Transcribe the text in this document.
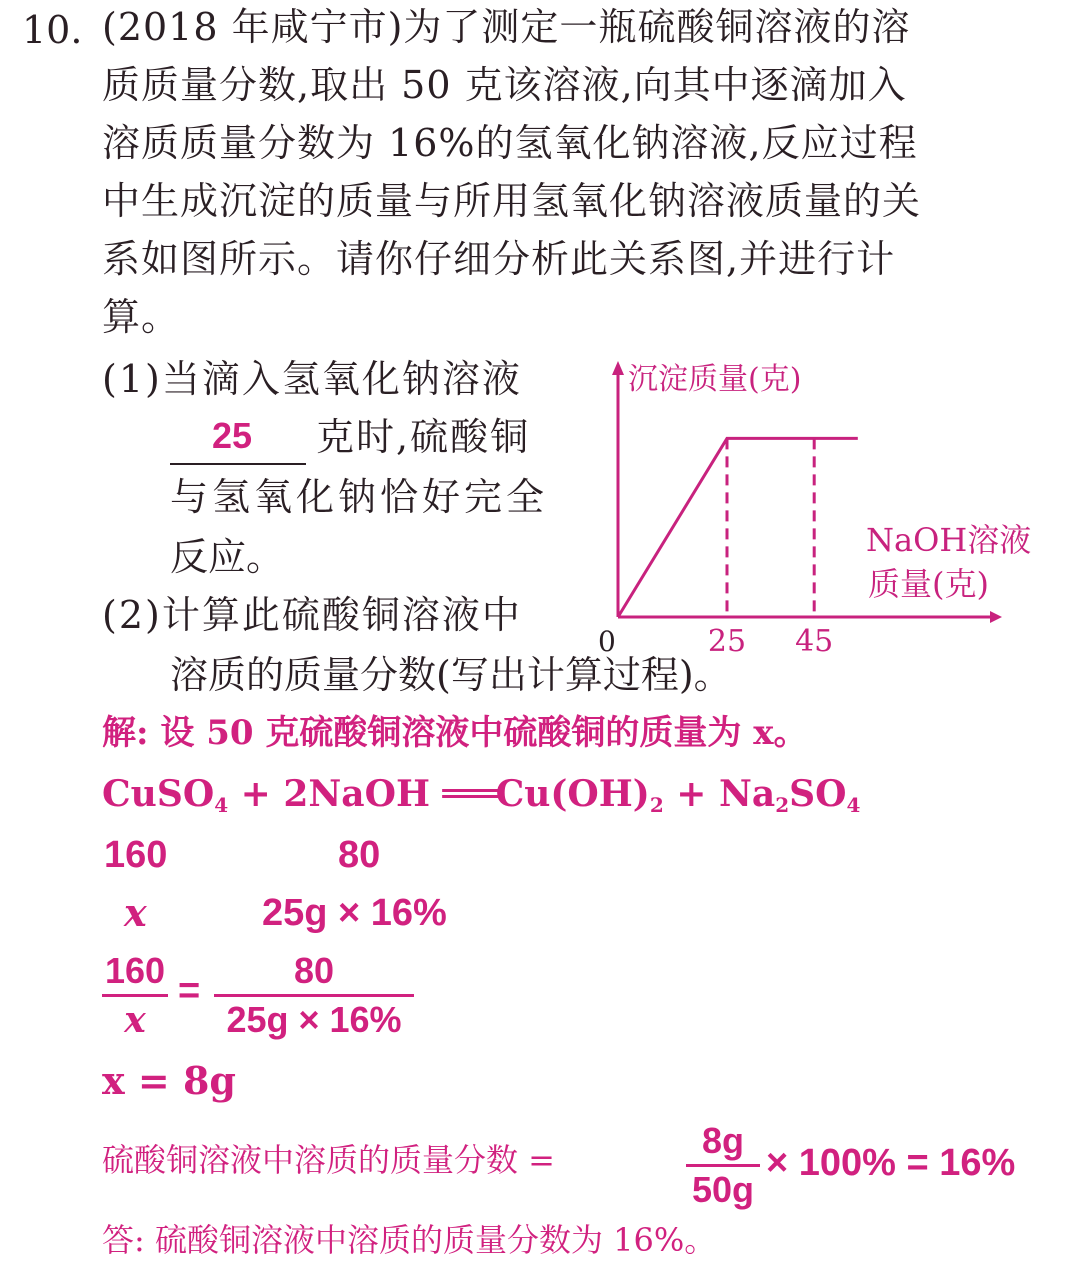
10. (2018 年咸宁市)为了测定一瓶硫酸铜溶液的溶
质质量分数,取出 50 克该溶液,向其中逐滴加入
溶质质量分数为 16%的氢氧化钠溶液,反应过程
中生成沉淀的质量与所用氢氧化钠溶液质量的关
系如图所示。请你仔细分析此关系图,并进行计
算。
(1)当滴入氢氧化钠溶液
25 克时,硫酸铜
与氢氧化钠恰好完全
反应。
(2)计算此硫酸铜溶液中
溶质的质量分数(写出计算过程)。
沉淀质量(克)
0	25 45
NaOH溶液
质量(克)
解: 设 50 克硫酸铜溶液中硫酸铜的质量为 x。
CuSO$_4$ + 2NaOH $═══Cu(OH)_2 + Na_2SO_4$
160	80
x	25g × 16%
160
x
=	80
25g × 16%
x = 8g
硫酸铜溶液中溶质的质量分数 =	8g
50g
× 100% = 16%
答: 硫酸铜溶液中溶质的质量分数为 16%。
